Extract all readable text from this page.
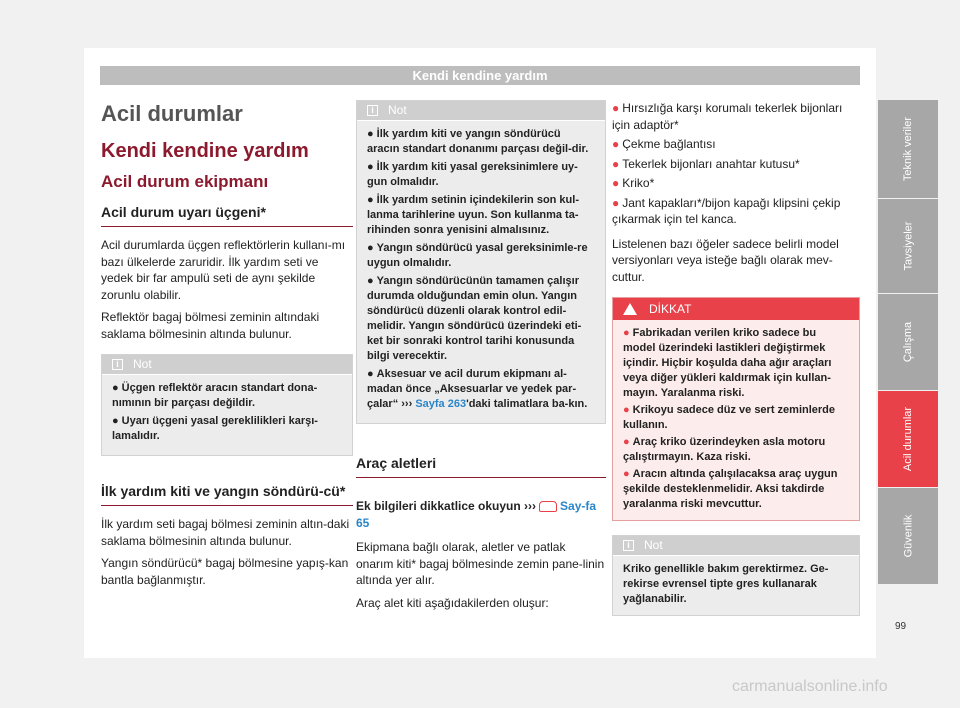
Kendi kendine yardım
Acil durumlar
Kendi kendine yardım
Acil durum ekipmanı
Acil durum uyarı üçgeni*

Acil durumlarda üçgen reflektörlerin kullanı-mı bazı ülkelerde zaruridir. İlk yardım seti ve yedek bir far ampulü seti de aynı şekilde zorunlu olabilir.

Reflektör bagaj bölmesi zeminin altındaki saklama bölmesinin altında bulunur.

i	Not
● Üçgen reflektör aracın standart dona-nımının bir parçası değildir.
● Uyarı üçgeni yasal gereklilikleri karşı-lamalıdır.
İlk yardım kiti ve yangın söndürü-cü*

İlk yardım seti bagaj bölmesi zeminin altın-daki saklama bölmesinin altında bulunur.

Yangın söndürücü* bagaj bölmesine yapış-kan bantla bağlanmıştır.

i	Not
● İlk yardım kiti ve yangın söndürücü aracın standart donanımı parçası değil-dir.
● İlk yardım kiti yasal gereksinimlere uy-gun olmalıdır.
● İlk yardım setinin içindekilerin son kul-lanma tarihlerine uyun. Son kullanma ta-rihinden sonra yenisini almalısınız.
● Yangın söndürücü yasal gereksinimle-re uygun olmalıdır.
● Yangın söndürücünün tamamen çalışır durumda olduğundan emin olun. Yangın söndürücü düzenli olarak kontrol edil-melidir. Yangın söndürücü üzerindeki eti-ket bir sonraki kontrol tarihi konusunda bilgi verecektir.
● Aksesuar ve acil durum ekipmanı al-madan önce „Aksesuarlar ve yedek par-çalar“ ››› Sayfa 263'daki talimatlara ba-kın.
Araç aletleri

Ek bilgileri dikkatlice okuyun ››› Say-fa 65

Ekipmana bağlı olarak, aletler ve patlak onarım kiti* bagaj bölmesinde zemin pane-linin altında yer alır.

Araç alet kiti aşağıdakilerden oluşur:

● Hırsızlığa karşı korumalı tekerlek bijonları için adaptör*
● Çekme bağlantısı
● Tekerlek bijonları anahtar kutusu*
● Kriko*
● Jant kapakları*/bijon kapağı klipsini çekip çıkarmak için tel kanca.

Listelenen bazı öğeler sadece belirli model versiyonları veya isteğe bağlı olarak mev-cuttur.

DİKKAT
● Fabrikadan verilen kriko sadece bu model üzerindeki lastikleri değiştirmek içindir. Hiçbir koşulda daha ağır araçları veya diğer yükleri kaldırmak için kullan-mayın. Yaralanma riski.
● Krikoyu sadece düz ve sert zeminlerde kullanın.
● Araç kriko üzerindeyken asla motoru çalıştırmayın. Kaza riski.
● Aracın altında çalışılacaksa araç uygun şekilde desteklenmelidir. Aksi takdirde yaralanma riski mevcuttur.
i	Not
Kriko genellikle bakım gerektirmez. Ge-rekirse evrensel tipte gres kullanarak yağlanabilir.
Teknik veriler
Tavsiyeler
Çalışma
Acil durumlar
Güvenlik
99
carmanualsonline.info
